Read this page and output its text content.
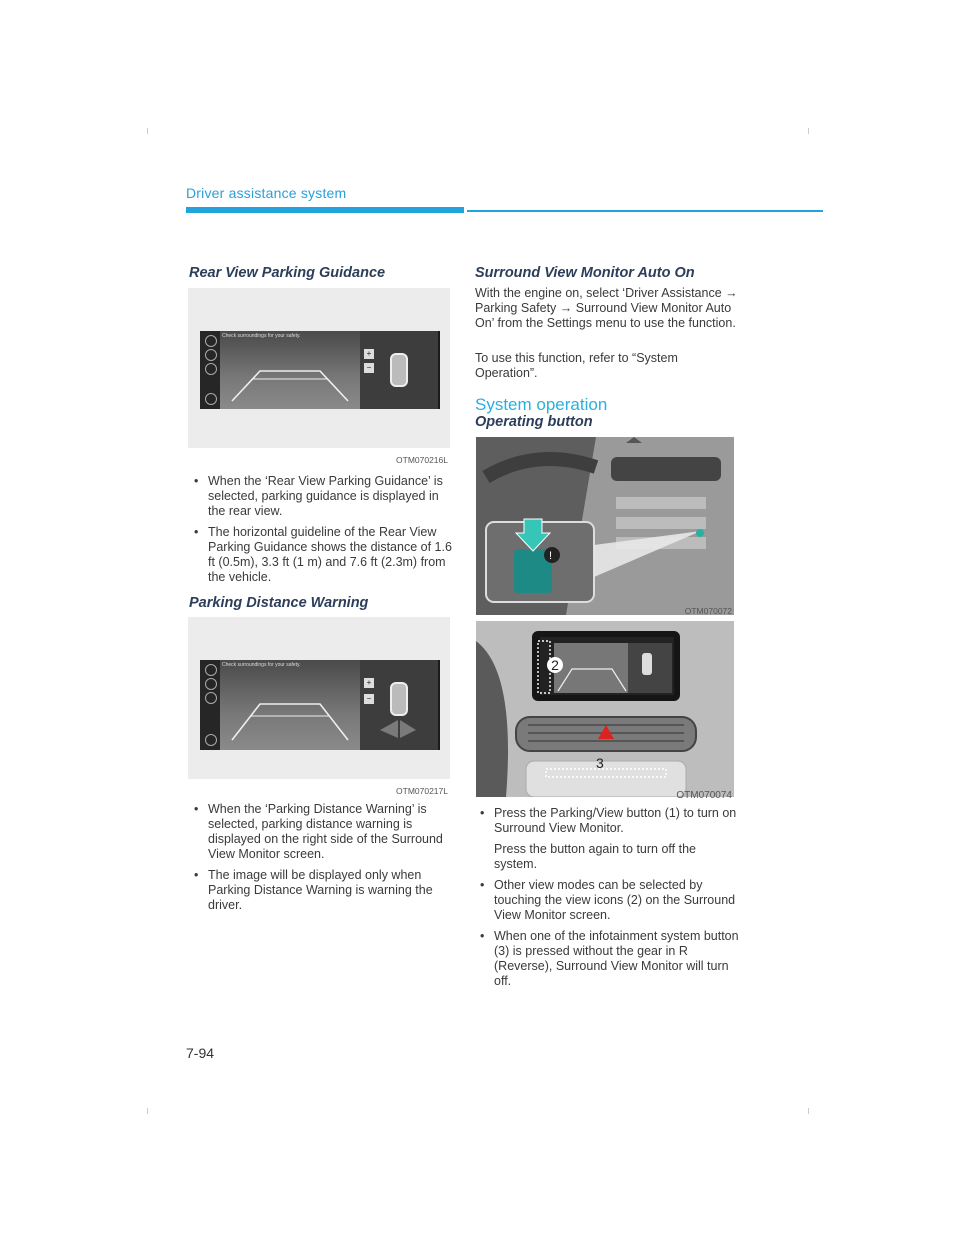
Driver assistance system
Rear View Parking Guidance
Check surroundings for your safety.
+
−
OTM070216L
• When the ‘Rear View Parking Guidance’ is selected, parking guidance is displayed in the rear view.
• The horizontal guideline of the Rear View Parking Guidance shows the distance of 1.6 ft (0.5m), 3.3 ft (1 m) and 7.6 ft (2.3m) from the vehicle.
Parking Distance Warning
Check surroundings for your safety.
+
−
OTM070217L
• When the ‘Parking Distance Warning’ is selected, parking distance warning is displayed on the right side of the Surround View Monitor screen.
• The image will be displayed only when Parking Distance Warning is warning the driver.
Surround View Monitor Auto On

With the engine on, select ‘Driver Assistance → Parking Safety → Surround View Monitor Auto On’ from the Settings menu to use the function.

To use this function, refer to “System Operation”.

System operation
Operating button
!
OTM070072
2
3
OTM070074
• Press the Parking/View button (1) to turn on Surround View Monitor.
Press the button again to turn off the system.
• Other view modes can be selected by touching the view icons (2) on the Surround View Monitor screen.
• When one of the infotainment system button (3) is pressed without the gear in R (Reverse), Surround View Monitor will turn off.
7-94
